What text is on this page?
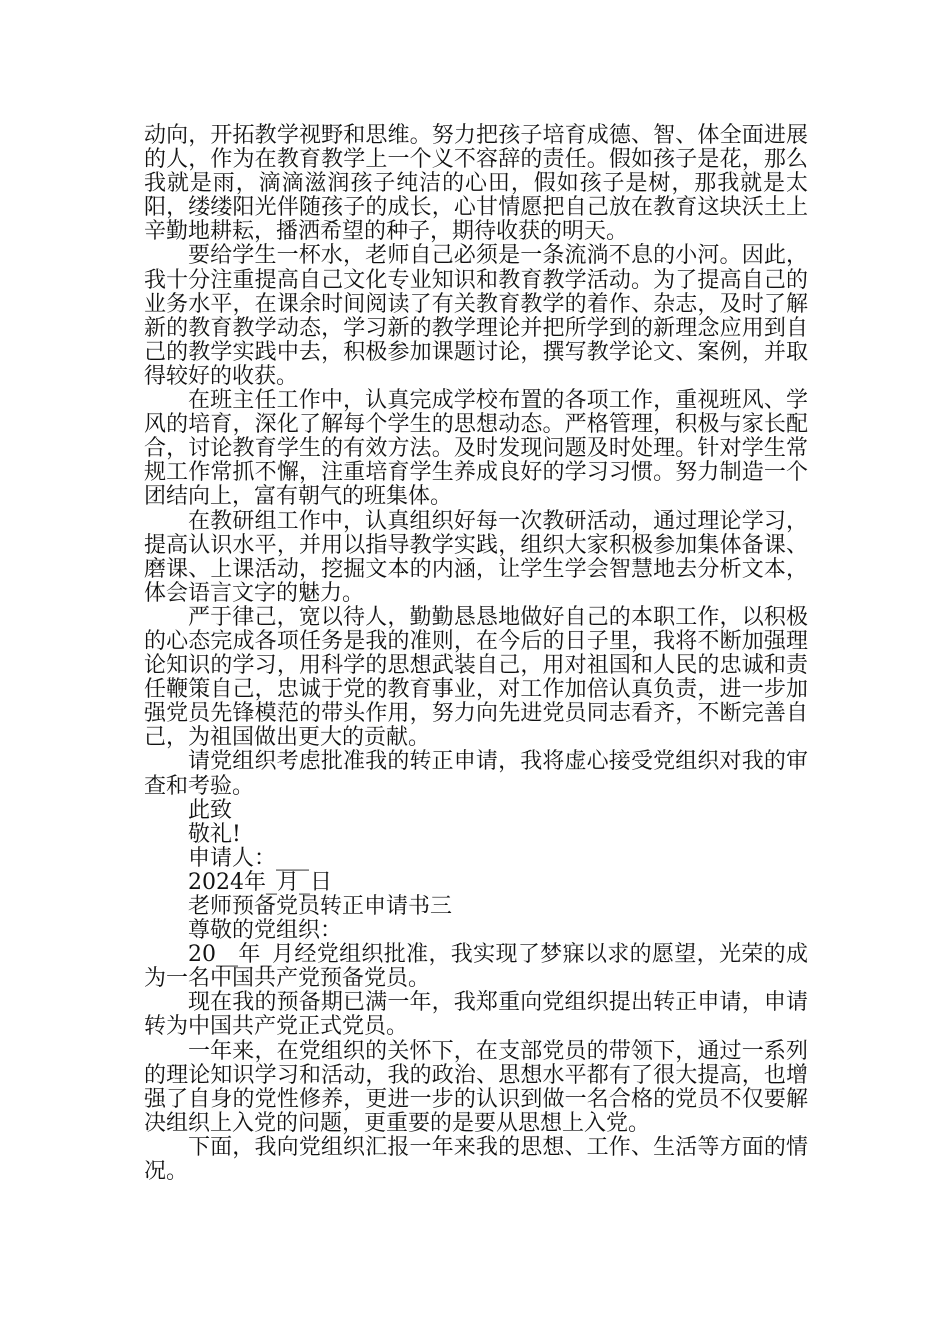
动向，开拓教学视野和思维。努力把孩子培育成德、智、体全面进展的人，作为在教育教学上一个义不容辞的责任。假如孩子是花，那么我就是雨，滴滴滋润孩子纯洁的心田，假如孩子是树，那我就是太阳，缕缕阳光伴随孩子的成长，心甘情愿把自己放在教育这块沃土上辛勤地耕耘，播洒希望的种子，期待收获的明天。

要给学生一杯水，老师自己必须是一条流淌不息的小河。因此，我十分注重提高自己文化专业知识和教育教学活动。为了提高自己的业务水平，在课余时间阅读了有关教育教学的着作、杂志，及时了解新的教育教学动态，学习新的教学理论并把所学到的新理念应用到自己的教学实践中去，积极参加课题讨论，撰写教学论文、案例，并取得较好的收获。

在班主任工作中，认真完成学校布置的各项工作，重视班风、学风的培育，深化了解每个学生的思想动态。严格管理，积极与家长配合，讨论教育学生的有效方法。及时发现问题及时处理。针对学生常规工作常抓不懈，注重培育学生养成良好的学习习惯。努力制造一个团结向上，富有朝气的班集体。

在教研组工作中，认真组织好每一次教研活动，通过理论学习，提高认识水平，并用以指导教学实践，组织大家积极参加集体备课、磨课、上课活动，挖掘文本的内涵，让学生学会智慧地去分析文本，体会语言文字的魅力。

严于律己，宽以待人，勤勤恳恳地做好自己的本职工作，以积极的心态完成各项任务是我的准则，在今后的日子里，我将不断加强理论知识的学习，用科学的思想武装自己，用对祖国和人民的忠诚和责任鞭策自己，忠诚于党的教育事业，对工作加倍认真负责，进一步加强党员先锋模范的带头作用，努力向先进党员同志看齐，不断完善自己，为祖国做出更大的贡献。

请党组织考虑批准我的转正申请，我将虚心接受党组织对我的审查和考验。

此致

敬礼!

申请人：___

2024年_月_日

老师预备党员转正申请书三

尊敬的党组织：

20__年_月经党组织批准，我实现了梦寐以求的愿望，光荣的成为一名中国共产党预备党员。

现在我的预备期已满一年，我郑重向党组织提出转正申请，申请转为中国共产党正式党员。

一年来，在党组织的关怀下，在支部党员的带领下，通过一系列的理论知识学习和活动，我的政治、思想水平都有了很大提高，也增强了自身的党性修养，更进一步的认识到做一名合格的党员不仅要解决组织上入党的问题，更重要的是要从思想上入党。

下面，我向党组织汇报一年来我的思想、工作、生活等方面的情况。
